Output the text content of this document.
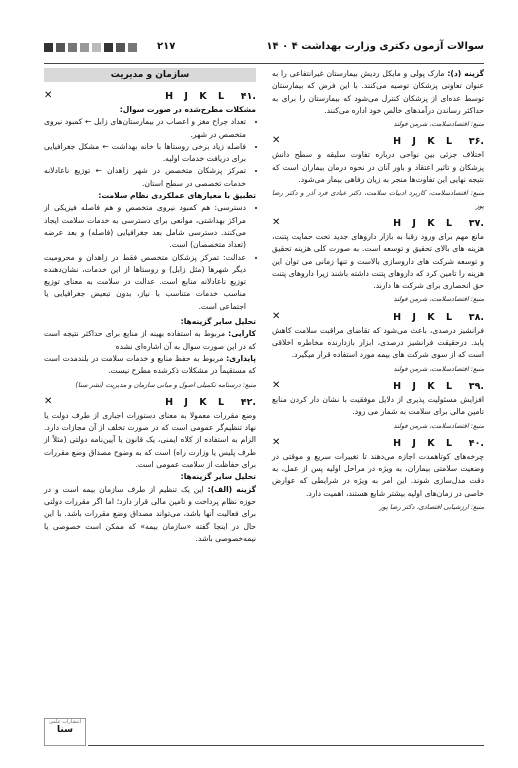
۲۱۷	سوالات آزمون دکتری وزارت بهداشت ۴ ۰ ۱۴

گزینه (د): مارک پولی و مایکل ردیش بیمارستان غیرانتفاعی را به عنوان تعاونی پزشکان توصیه می‌کنند. با این فرض که بیمارستان توسط عده‌ای از پزشکان کنترل می‌شود که بیمارستان را برای به حداکثر رساندن درآمدهای خالص خود اداره می‌کنند.

منبع: اقتصادسلامت، شرمن فولند
۳۶.
H J K L
✕

اختلاف جزئی بین نواحی درباره تفاوت سلیقه و سطح دانش پزشکان و تاثیر اعتقاد و باور آنان در نحوه درمان بیماران است که نتیجه نهایی این تفاوت‌ها منجر به زیان رفاهی بیمار می‌شود.

منبع: اقتصادسلامت، کاربرد ادبیات سلامت، دکتر عبادی فرد آذر و دکتر رضا پور
۳۷.
H J K L
✕

مانع مهم برای ورود رقبا به بازار داروهای جدید تحت حمایت پتنت، هزینه های بالای تحقیق و توسعه است. به صورت کلی هزینه تحقیق و توسعه شرکت های داروسازی بالاست و تنها زمانی می توان این هزینه را تامین کرد که داروهای پتنت داشته باشند زیرا داروهای پتنت حق انحصاری برای شرکت ها دارند.

منبع: اقتصادسلامت، شرمن فولند
۳۸.
H J K L
✕

فرانشیز درصدی، باعث می‌شود که تقاضای مراقبت سلامت کاهش یابد. درحقیقت فرانشیز درصدی، ابزار بازدارنده مخاطره اخلاقی است که از سوی شرکت های بیمه مورد استفاده قرار میگیرد.

منبع: اقتصادسلامت، شرمن فولند
۳۹.
H J K L
✕

افزایش مسئولیت پذیری از دلایل موفقیت با نشان دار کردن منابع تامین مالی برای سلامت به شمار می رود.

منبع: اقتصادسلامت، شرمن فولند
۴۰.
H J K L
✕

چرخه‌های کوتاهمدت اجازه می‌دهند تا تغییرات سریع و موقتی در وضعیت سلامتی بیماران، به ویژه در مراحل اولیه پس از عمل، به دقت مدل‌سازی شوند. این امر به ویژه در شرایطی که عوارض خاصی در زمان‌های اولیه بیشتر شایع هستند، اهمیت دارد.

منبع: ارزشیابی اقتصادی، دکتر رضا پور
سازمان و مدیریت
۴۱.
H J K L
✕
مشکلات مطرح‌شده در صورت سوال:
• تعداد جراح مغز و اعصاب در بیمارستان‌های زابل ← کمبود نیروی متخصص در شهر.
• فاصله زیاد برخی روستاها با خانه بهداشت ← مشکل جغرافیایی برای دریافت خدمات اولیه.
• تمرکز پزشکان متخصص در شهر زاهدان ← توزیع ناعادلانه خدمات تخصصی در سطح استان.
تطبیق با معیارهای عملکردی نظام سلامت:
• دسترسی: هم کمبود نیروی متخصص و هم فاصله فیزیکی از مراکز بهداشتی، موانعی برای دسترسی به خدمات سلامت ایجاد می‌کنند. دسترسی شامل بعد جغرافیایی (فاصله) و بعد عرضه (تعداد متخصصان) است.
• عدالت: تمرکز پزشکان متخصص فقط در زاهدان و محرومیت دیگر شهرها (مثل زابل) و روستاها از این خدمات، نشان‌دهنده توزیع ناعادلانه منابع است. عدالت در سلامت به معنای توزیع مناسب خدمات متناسب با نیاز، بدون تبعیض جغرافیایی یا اجتماعی است.
تحلیل سایر گزینه‌ها:

کارایی: مربوط به استفاده بهینه از منابع برای حداکثر نتیجه است که در این صورت سوال به آن اشاره‌ای نشده

پایداری: مربوط به حفظ منابع و خدمات سلامت در بلندمدت است که مستقیماً در مشکلات ذکرشده مطرح نیست.

منبع: درسنامه تکمیلی اصول و مبانی سازمان و مدیریت (نشر سنا)
۴۲.
H J K L
✕

وضع مقررات معمولا به معنای دستورات اجباری از طرف دولت یا نهاد تنظیم‌گر عمومی است که در صورت تخلف از آن مجازات دارد. الزام به استفاده از کلاه ایمنی، یک قانون یا آیین‌نامه دولتی (مثلاً از طرف پلیس یا وزارت راه) است که به وضوح مصداق وضع مقررات برای حفاظت از سلامت عمومی است.

تحلیل سایر گزینه‌ها:

گزینه (الف): این یک تنظیم از طرف سازمان بیمه است و در حوزه نظام پرداخت و تامین مالی قرار دارد؛ اما اگر مقررات دولتی برای فعالیت آنها باشد، می‌تواند مصداق وضع مقررات باشد. با این حال در اینجا گفته «سازمان بیمه» که ممکن است خصوصی یا نیمه‌خصوصی باشد.

انتشارات علمی
سنا
